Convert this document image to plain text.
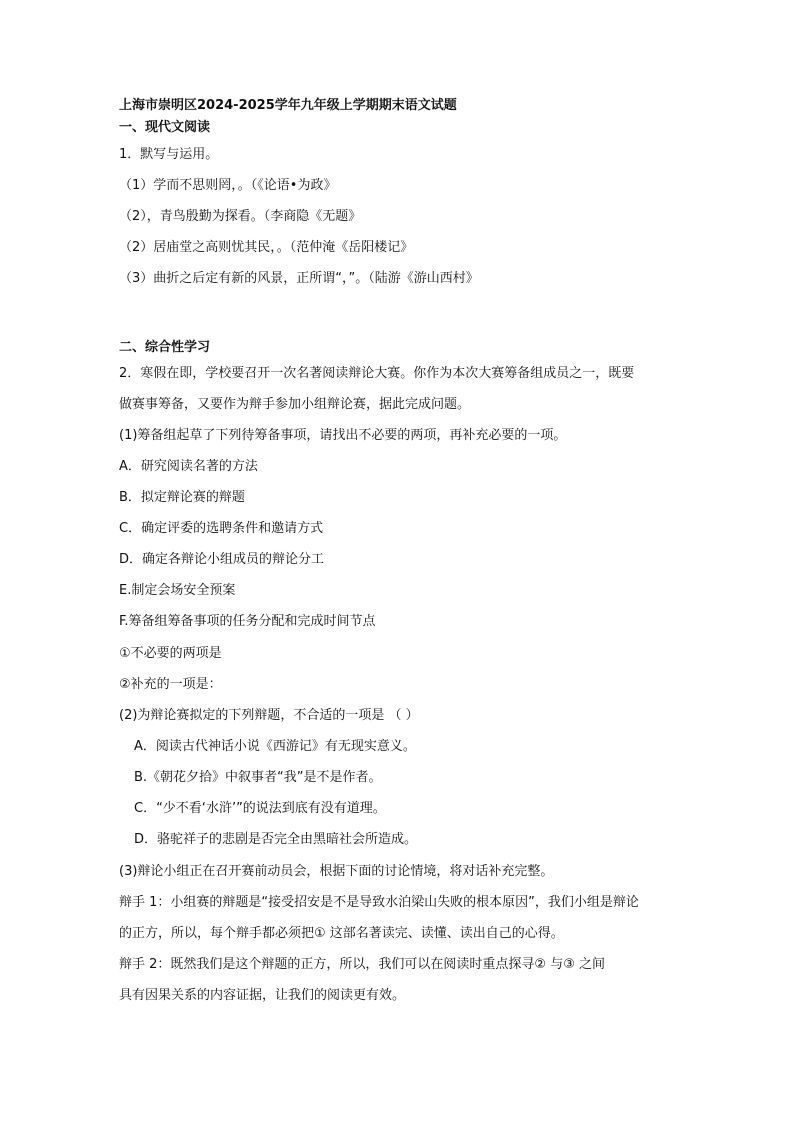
上海市崇明区2024-2025学年九年级上学期期末语文试题
一、现代文阅读
1．默写与运用。
（1）学而不思则罔，。（《论语•为政》
（2），青鸟殷勤为探看。（李商隐《无题》
（2）居庙堂之高则忧其民，。（范仲淹《岳阳楼记》
（3）曲折之后定有新的风景，正所谓“，”。（陆游《游山西村》
二、综合性学习
2．寒假在即，学校要召开一次名著阅读辩论大赛。你作为本次大赛筹备组成员之一，既要
做赛事筹备，又要作为辩手参加小组辩论赛，据此完成问题。
(1)筹备组起草了下列待筹备事项，请找出不必要的两项，再补充必要的一项。
A．研究阅读名著的方法
B．拟定辩论赛的辩题
C．确定评委的选聘条件和邀请方式
D．确定各辩论小组成员的辩论分工
E.制定会场安全预案
F.筹备组筹备事项的任务分配和完成时间节点
①不必要的两项是
②补充的一项是：
(2)为辩论赛拟定的下列辩题，不合适的一项是 （ ）
A．阅读古代神话小说《西游记》有无现实意义。
B.《朝花夕拾》中叙事者“我”是不是作者。
C．“少不看‘水浒’”的说法到底有没有道理。
D．骆驼祥子的悲剧是否完全由黑暗社会所造成。
(3)辩论小组正在召开赛前动员会，根据下面的讨论情境，将对话补充完整。
辩手 1：小组赛的辩题是“接受招安是不是导致水泊梁山失败的根本原因”，我们小组是辩论
的正方，所以，每个辩手都必须把① 这部名著读完、读懂、读出自己的心得。
辩手 2：既然我们是这个辩题的正方，所以，我们可以在阅读时重点探寻② 与③ 之间
具有因果关系的内容证据，让我们的阅读更有效。
